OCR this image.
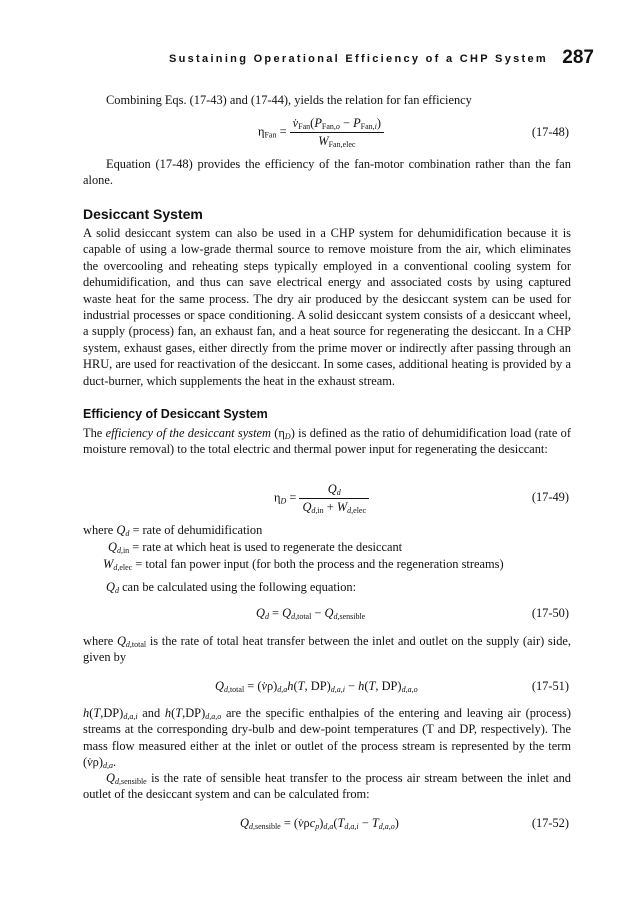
Sustaining Operational Efficiency of a CHP System 287
Combining Eqs. (17-43) and (17-44), yields the relation for fan efficiency
$\eta_{Fan} = \frac{v̇_{Fan}(P_{Fan,o} - P_{Fan,i})}{W_{Fan,elec}}$	(17-48)
Equation (17-48) provides the efficiency of the fan-motor combination rather than the fan alone.
Desiccant System
A solid desiccant system can also be used in a CHP system for dehumidification because it is capable of using a low-grade thermal source to remove moisture from the air, which eliminates the overcooling and reheating steps typically employed in a conventional cooling system for dehumidification, and thus can save electrical energy and associated costs by using captured waste heat for the same process. The dry air produced by the desiccant system can be used for industrial processes or space conditioning. A solid desiccant system consists of a desiccant wheel, a supply (process) fan, an exhaust fan, and a heat source for regenerating the desiccant. In a CHP system, exhaust gases, either directly from the prime mover or indirectly after passing through an HRU, are used for reactivation of the desiccant. In some cases, additional heating is provided by a duct-burner, which supplements the heat in the exhaust stream.
Efficiency of Desiccant System
The efficiency of the desiccant system $(\eta_D)$ is defined as the ratio of dehumidification load (rate of moisture removal) to the total electric and thermal power input for regenerating the desiccant:
$\eta_D = \frac{Q_d}{Q_{d,in} + W_{d,elec}}$	(17-49)
where $Q_d$ = rate of dehumidification
$Q_{d,in}$ = rate at which heat is used to regenerate the desiccant
$W_{d,elec}$ = total fan power input (for both the process and the regeneration streams)
$Q_d$ can be calculated using the following equation:
$Q_d = Q_{d,total} - Q_{d,sensible}$	(17-50)
where $Q_{d,total}$ is the rate of total heat transfer between the inlet and outlet on the supply (air) side, given by
$Q_{d,total}$ = $(v̇\rho)_{d,a}h(T$, $DP)_{d,a,i} - h(T$, $DP)_{d,a,o}$	(17-51)
$h(T,DP)_{d,a,i}$ and $h(T,DP)_{d,a,o}$ are the specific enthalpies of the entering and leaving air (process) streams at the corresponding dry-bulb and dew-point temperatures (T and DP, respectively). The mass flow measured either at the inlet or outlet of the process stream is represented by the term $(v̇\rho)_{d,a}$.
$Q_{d,sensible}$ is the rate of sensible heat transfer to the process air stream between the inlet and outlet of the desiccant system and can be calculated from:
$Q_{d,sensible}$ = $(v̇\rho c_p)_{d,a}(T_{d,a,i} - T_{d,a,o})$	(17-52)
